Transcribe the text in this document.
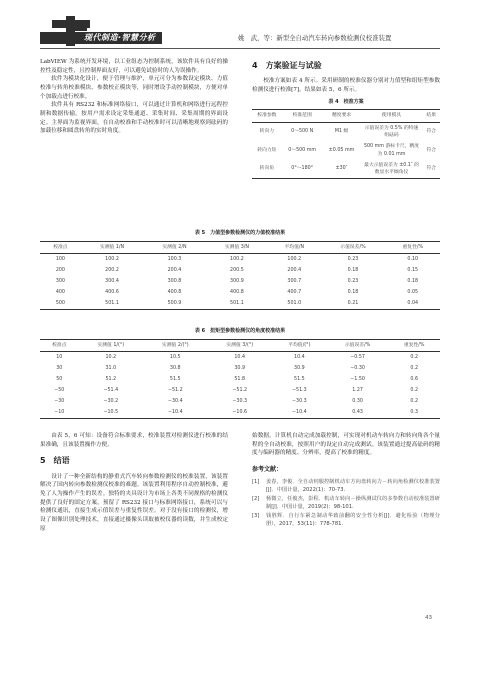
现代制造·智慧分析	姚　武，等：新型全自动汽车转向参数检测仪校准装置

LabVIEW 为系统开发环境，以工业组态为控制系统，该软件具有良好的操控性及稳定性，且控制界面友好，可以避免试验时的人为误操作。

软件为模块化设计，便于管理与维护，单元可分为参数设定模块、力值校准与转角校准模块、参数校正模块等，同时增设手动控制模块，方便对单个加载点进行校准。

软件具有 RS232 和标准网络接口，可以通过计算机和网络进行远程控制和数据传输。按用户需求设定采集通道、采集时间、采集周期的界面设定。主界面为监视界面，在自动校准和手动校准时可以清晰地观察到砝码的加载位移和圆盘转角的实时角度。

4　方案验证与试验

校准方案如表 4 所示。采用研制的校准仪器分别对力值型和组矩型参数检测仪进行校准[7]，结果如表 5，6 所示。

表 4　校准方案
校准参数	校准范围	精度要求	使用模具	结果
转向力	0～500 N	M1 级	示值误差为 0.5% 的特速组砝码	符合
转向力矩	0～500 mm	±0.05 mm	500 mm 游标卡尺，精度为 0.01 mm	符合
转向角	0°～180°	±30″	最大示值误差为 ±0.1″ 的数显水平倾角仪	符合
表 5　力值型参数检测仪的力值校准结果
校准点	实测值 1/N	实测值 2/N	实测值 3/N	平均值/N	示值误差/%	重复性/%
100	100.2	100.3	100.2	100.2	0.23	0.10
200	200.2	200.4	200.5	200.4	0.18	0.15
300	300.4	300.8	300.9	300.7	0.23	0.18
400	400.6	400.8	400.8	400.7	0.18	0.05
500	501.1	500.9	501.1	501.0	0.21	0.04
表 6　扭矩型参数检测仪的角度校准结果
校准点	实测值 1/(°)	实测值 2/(°)	实测值 3/(°)	平均值/(°)	示值误差/%	重复性/%
10	10.2	10.5	10.4	10.4	−0.57	0.2
30	31.0	30.8	30.9	30.9	−0.30	0.2
50	51.2	51.5	51.8	51.5	−1.50	0.6
−50	−51.4	−51.2	−51.2	−51.3	1.27	0.2
−30	−30.2	−30.4	−30.3	−30.3	0.30	0.2
−10	−10.5	−10.4	−10.6	−10.4	0.43	0.3

由表 5，6 可知：设备符合标准要求，校准装置对检测仪进行校准的结果准确，且该装置操作方便。

5　结语

设计了一种全新结构的静重式汽车转向参数检测仪的校准装置，该装置解决了国内转向参数检测仪校准的难题。该装置利用程序自动控制校准，避免了人为操作产生的误差。独特的夹具设计为市场上各类不同规格的检测仪提供了良好的固定方案。预留了 RS232 接口与标准网络接口，系统可以与检测仪通讯，直接生成示值误差与重复性误差。对于没有接口的检测仪，增设了图像识别处理技术，直接通过摄像头读取被校仪器的读数，并生成校定原

始数据。计算机自动完成加载控制，可实现对机动车转向力和转向角各个量程的全自动校准，按照用户的设定自动完成测试。该装置通过提高砝码的精度与编码器的精度、分辨率，提高了校准的精度。

参考文献：
[1]	姜春，李俊．全自动伺服控制机动车方向盘转向力－转向角检测仪校准装置[J]．中国计量，2022(1)：70-73.
[2]	杨微立，任俊杰，彭程．机动车转向－操纵测试仪的多参数自动校准装置研制[J]．中国计量，2019(2)：98-101.
[3]	钱胜辉．自行车紧急制动华致前翻的安全性分析[J]．避化检验（物理分册），2017，53(11)：778-781.
43
